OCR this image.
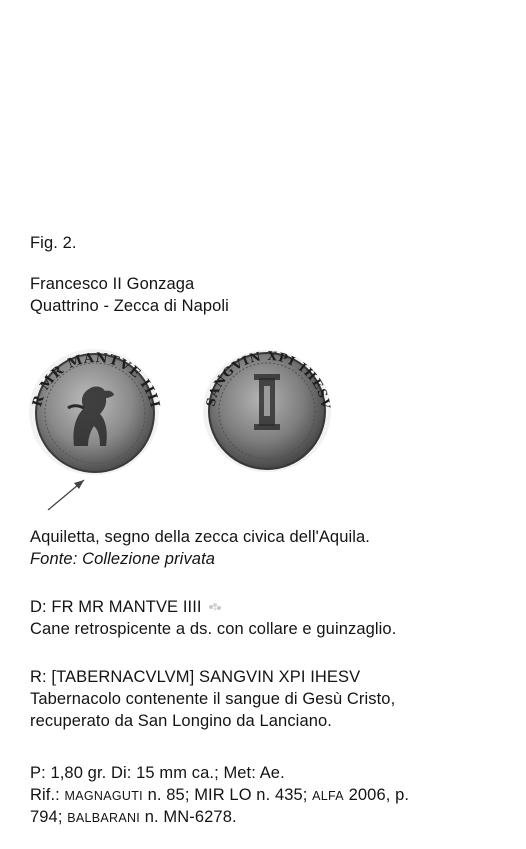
Fig. 2.
Francesco II Gonzaga
Quattrino - Zecca di Napoli
R MR MANTVE IIII	SANGVIN XPI IHESV
Aquiletta, segno della zecca civica dell'Aquila.
Fonte: Collezione privata
D: FR MR MANTVE IIII
Cane retrospicente a ds. con collare e guinzaglio.
R: [TABERNACVLVM] SANGVIN XPI IHESV
Tabernacolo contenente il sangue di Gesù Cristo,
recuperato da San Longino da Lanciano.
P: 1,80 gr. Di: 15 mm ca.; Met: Ae.
Rif.: MAGNAGUTI n. 85; MIR LO n. 435; ALFA 2006, p.
794; BALBARANI n. MN-6278.
